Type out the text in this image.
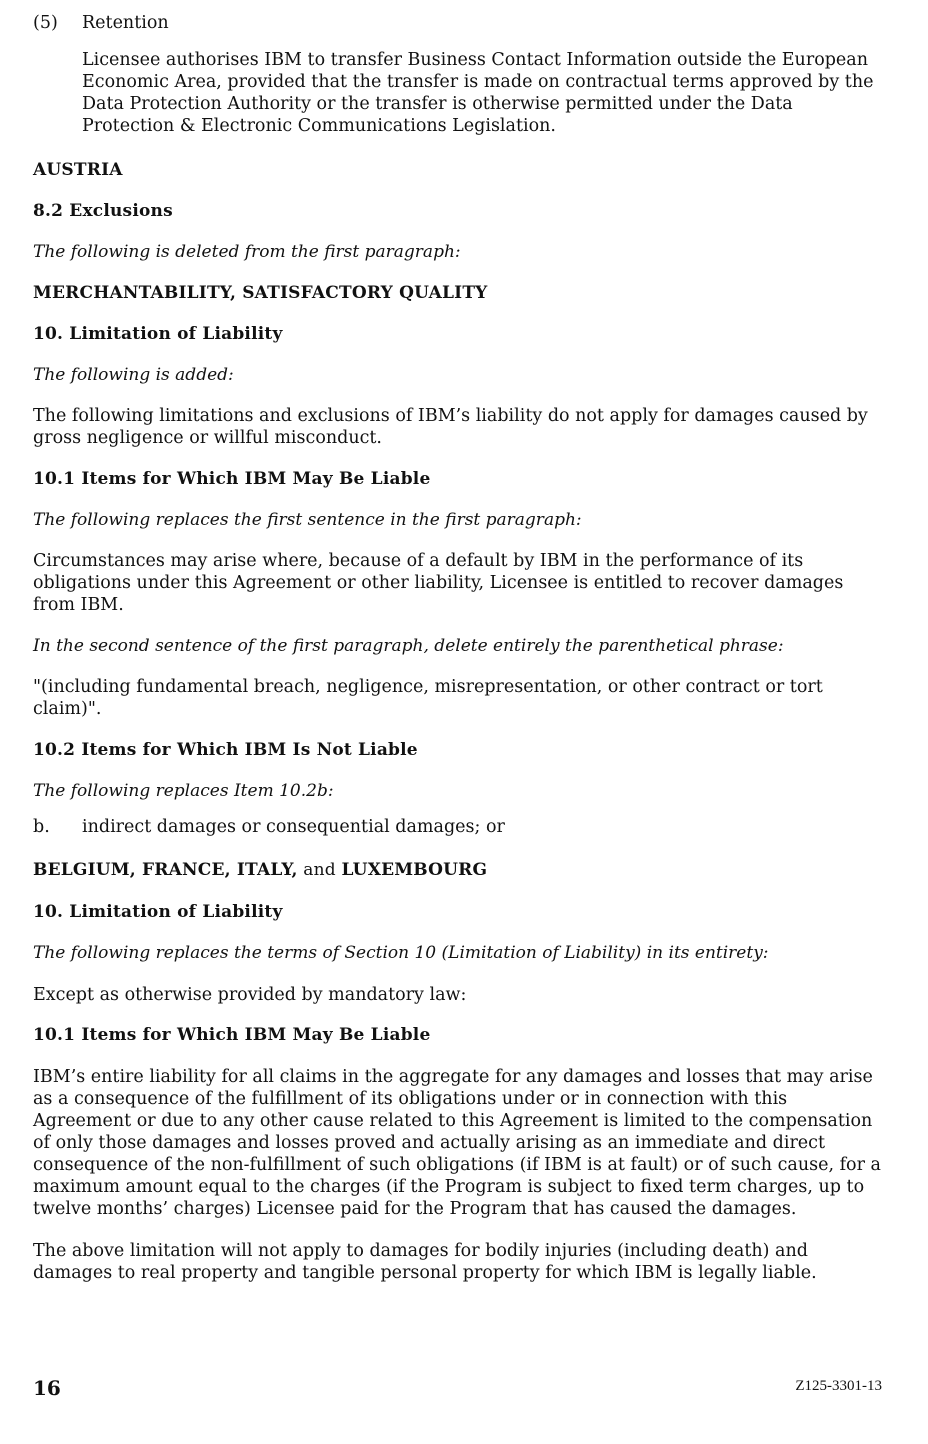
(5)	Retention

Licensee authorises IBM to transfer Business Contact Information outside the European Economic Area, provided that the transfer is made on contractual terms approved by the Data Protection Authority or the transfer is otherwise permitted under the Data Protection & Electronic Communications Legislation.

AUSTRIA

8.2 Exclusions

The following is deleted from the first paragraph:

MERCHANTABILITY, SATISFACTORY QUALITY

10. Limitation of Liability

The following is added:

The following limitations and exclusions of IBM’s liability do not apply for damages caused by gross negligence or willful misconduct.

10.1 Items for Which IBM May Be Liable

The following replaces the first sentence in the first paragraph:

Circumstances may arise where, because of a default by IBM in the performance of its obligations under this Agreement or other liability, Licensee is entitled to recover damages from IBM.

In the second sentence of the first paragraph, delete entirely the parenthetical phrase:

"(including fundamental breach, negligence, misrepresentation, or other contract or tort claim)".

10.2 Items for Which IBM Is Not Liable

The following replaces Item 10.2b:

b.	indirect damages or consequential damages; or

BELGIUM, FRANCE, ITALY, and LUXEMBOURG

10. Limitation of Liability

The following replaces the terms of Section 10 (Limitation of Liability) in its entirety:

Except as otherwise provided by mandatory law:

10.1 Items for Which IBM May Be Liable

IBM’s entire liability for all claims in the aggregate for any damages and losses that may arise as a consequence of the fulfillment of its obligations under or in connection with this Agreement or due to any other cause related to this Agreement is limited to the compensation of only those damages and losses proved and actually arising as an immediate and direct consequence of the non-fulfillment of such obligations (if IBM is at fault) or of such cause, for a maximum amount equal to the charges (if the Program is subject to fixed term charges, up to twelve months’ charges) Licensee paid for the Program that has caused the damages.

The above limitation will not apply to damages for bodily injuries (including death) and damages to real property and tangible personal property for which IBM is legally liable.

16	Z125-3301-13
